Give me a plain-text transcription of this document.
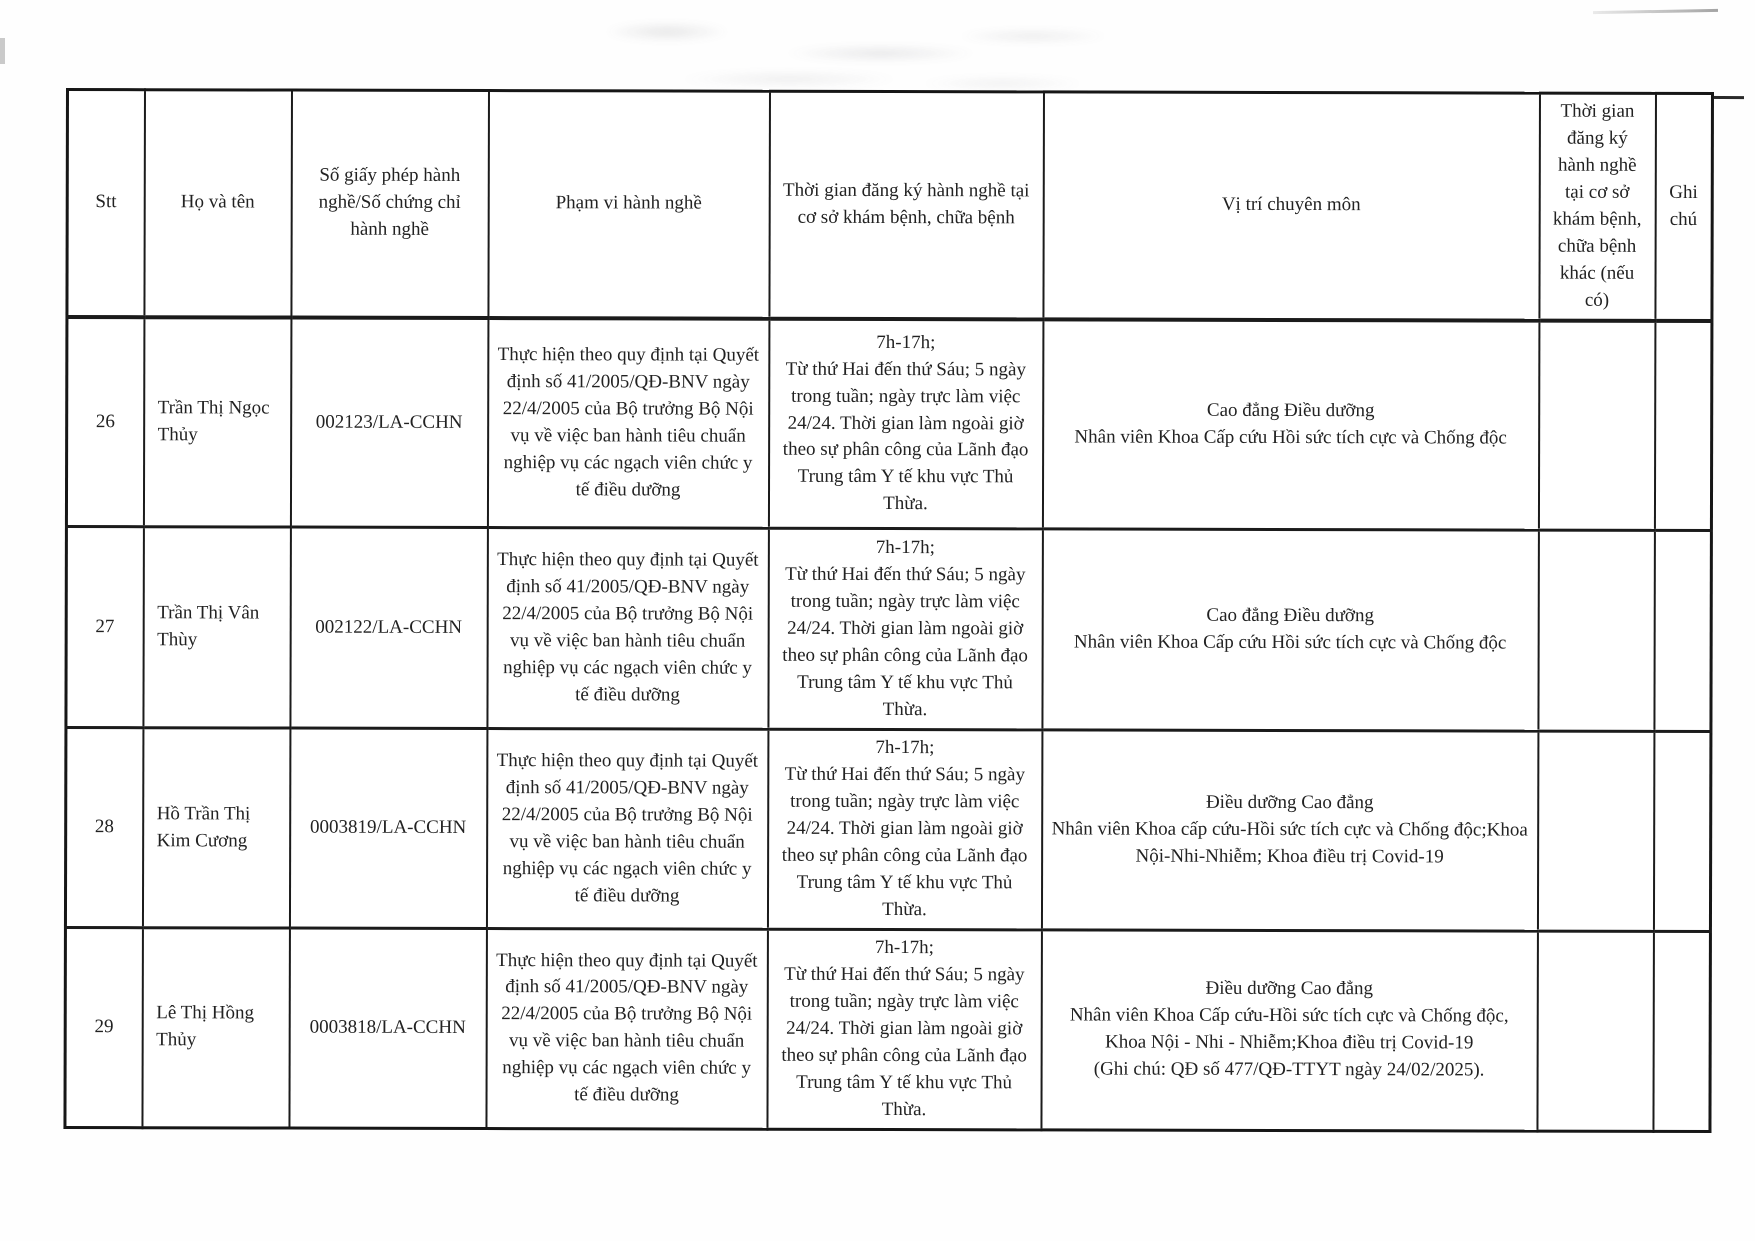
Stt	Họ và tên	Số giấy phép hành nghề/Số chứng chỉ hành nghề	Phạm vi hành nghề	Thời gian đăng ký hành nghề tại cơ sở khám bệnh, chữa bệnh	Vị trí chuyên môn	Thời gian đăng ký hành nghề tại cơ sở khám bệnh, chữa bệnh khác (nếu có)	Ghi chú
26	Trần Thị Ngọc Thủy	002123/LA-CCHN	Thực hiện theo quy định tại Quyết định số 41/2005/QĐ-BNV ngày 22/4/2005 của Bộ trưởng Bộ Nội vụ về việc ban hành tiêu chuẩn nghiệp vụ các ngạch viên chức y tế điều dưỡng	7h-17h;
Từ thứ Hai đến thứ Sáu; 5 ngày trong tuần; ngày trực làm việc 24/24. Thời gian làm ngoài giờ theo sự phân công của Lãnh đạo Trung tâm Y tế khu vực Thủ Thừa.	Cao đẳng Điều dưỡng
Nhân viên Khoa Cấp cứu Hồi sức tích cực và Chống độc		
27	Trần Thị Vân Thùy	002122/LA-CCHN	Thực hiện theo quy định tại Quyết định số 41/2005/QĐ-BNV ngày 22/4/2005 của Bộ trưởng Bộ Nội vụ về việc ban hành tiêu chuẩn nghiệp vụ các ngạch viên chức y tế điều dưỡng	7h-17h;
Từ thứ Hai đến thứ Sáu; 5 ngày trong tuần; ngày trực làm việc 24/24. Thời gian làm ngoài giờ theo sự phân công của Lãnh đạo Trung tâm Y tế khu vực Thủ Thừa.	Cao đẳng Điều dưỡng
Nhân viên Khoa Cấp cứu Hồi sức tích cực và Chống độc		
28	Hồ Trần Thị Kim Cương	0003819/LA-CCHN	Thực hiện theo quy định tại Quyết định số 41/2005/QĐ-BNV ngày 22/4/2005 của Bộ trưởng Bộ Nội vụ về việc ban hành tiêu chuẩn nghiệp vụ các ngạch viên chức y tế điều dưỡng	7h-17h;
Từ thứ Hai đến thứ Sáu; 5 ngày trong tuần; ngày trực làm việc 24/24. Thời gian làm ngoài giờ theo sự phân công của Lãnh đạo Trung tâm Y tế khu vực Thủ Thừa.	Điều dưỡng Cao đẳng
Nhân viên Khoa cấp cứu-Hồi sức tích cực và Chống độc;Khoa Nội-Nhi-Nhiễm; Khoa điều trị Covid-19		
29	Lê Thị Hồng Thủy	0003818/LA-CCHN	Thực hiện theo quy định tại Quyết định số 41/2005/QĐ-BNV ngày 22/4/2005 của Bộ trưởng Bộ Nội vụ về việc ban hành tiêu chuẩn nghiệp vụ các ngạch viên chức y tế điều dưỡng	7h-17h;
Từ thứ Hai đến thứ Sáu; 5 ngày trong tuần; ngày trực làm việc 24/24. Thời gian làm ngoài giờ theo sự phân công của Lãnh đạo Trung tâm Y tế khu vực Thủ Thừa.	Điều dưỡng Cao đẳng
Nhân viên Khoa Cấp cứu-Hồi sức tích cực và Chống độc,
Khoa Nội - Nhi - Nhiễm;Khoa điều trị Covid-19
(Ghi chú: QĐ số 477/QĐ-TTYT ngày 24/02/2025).		
